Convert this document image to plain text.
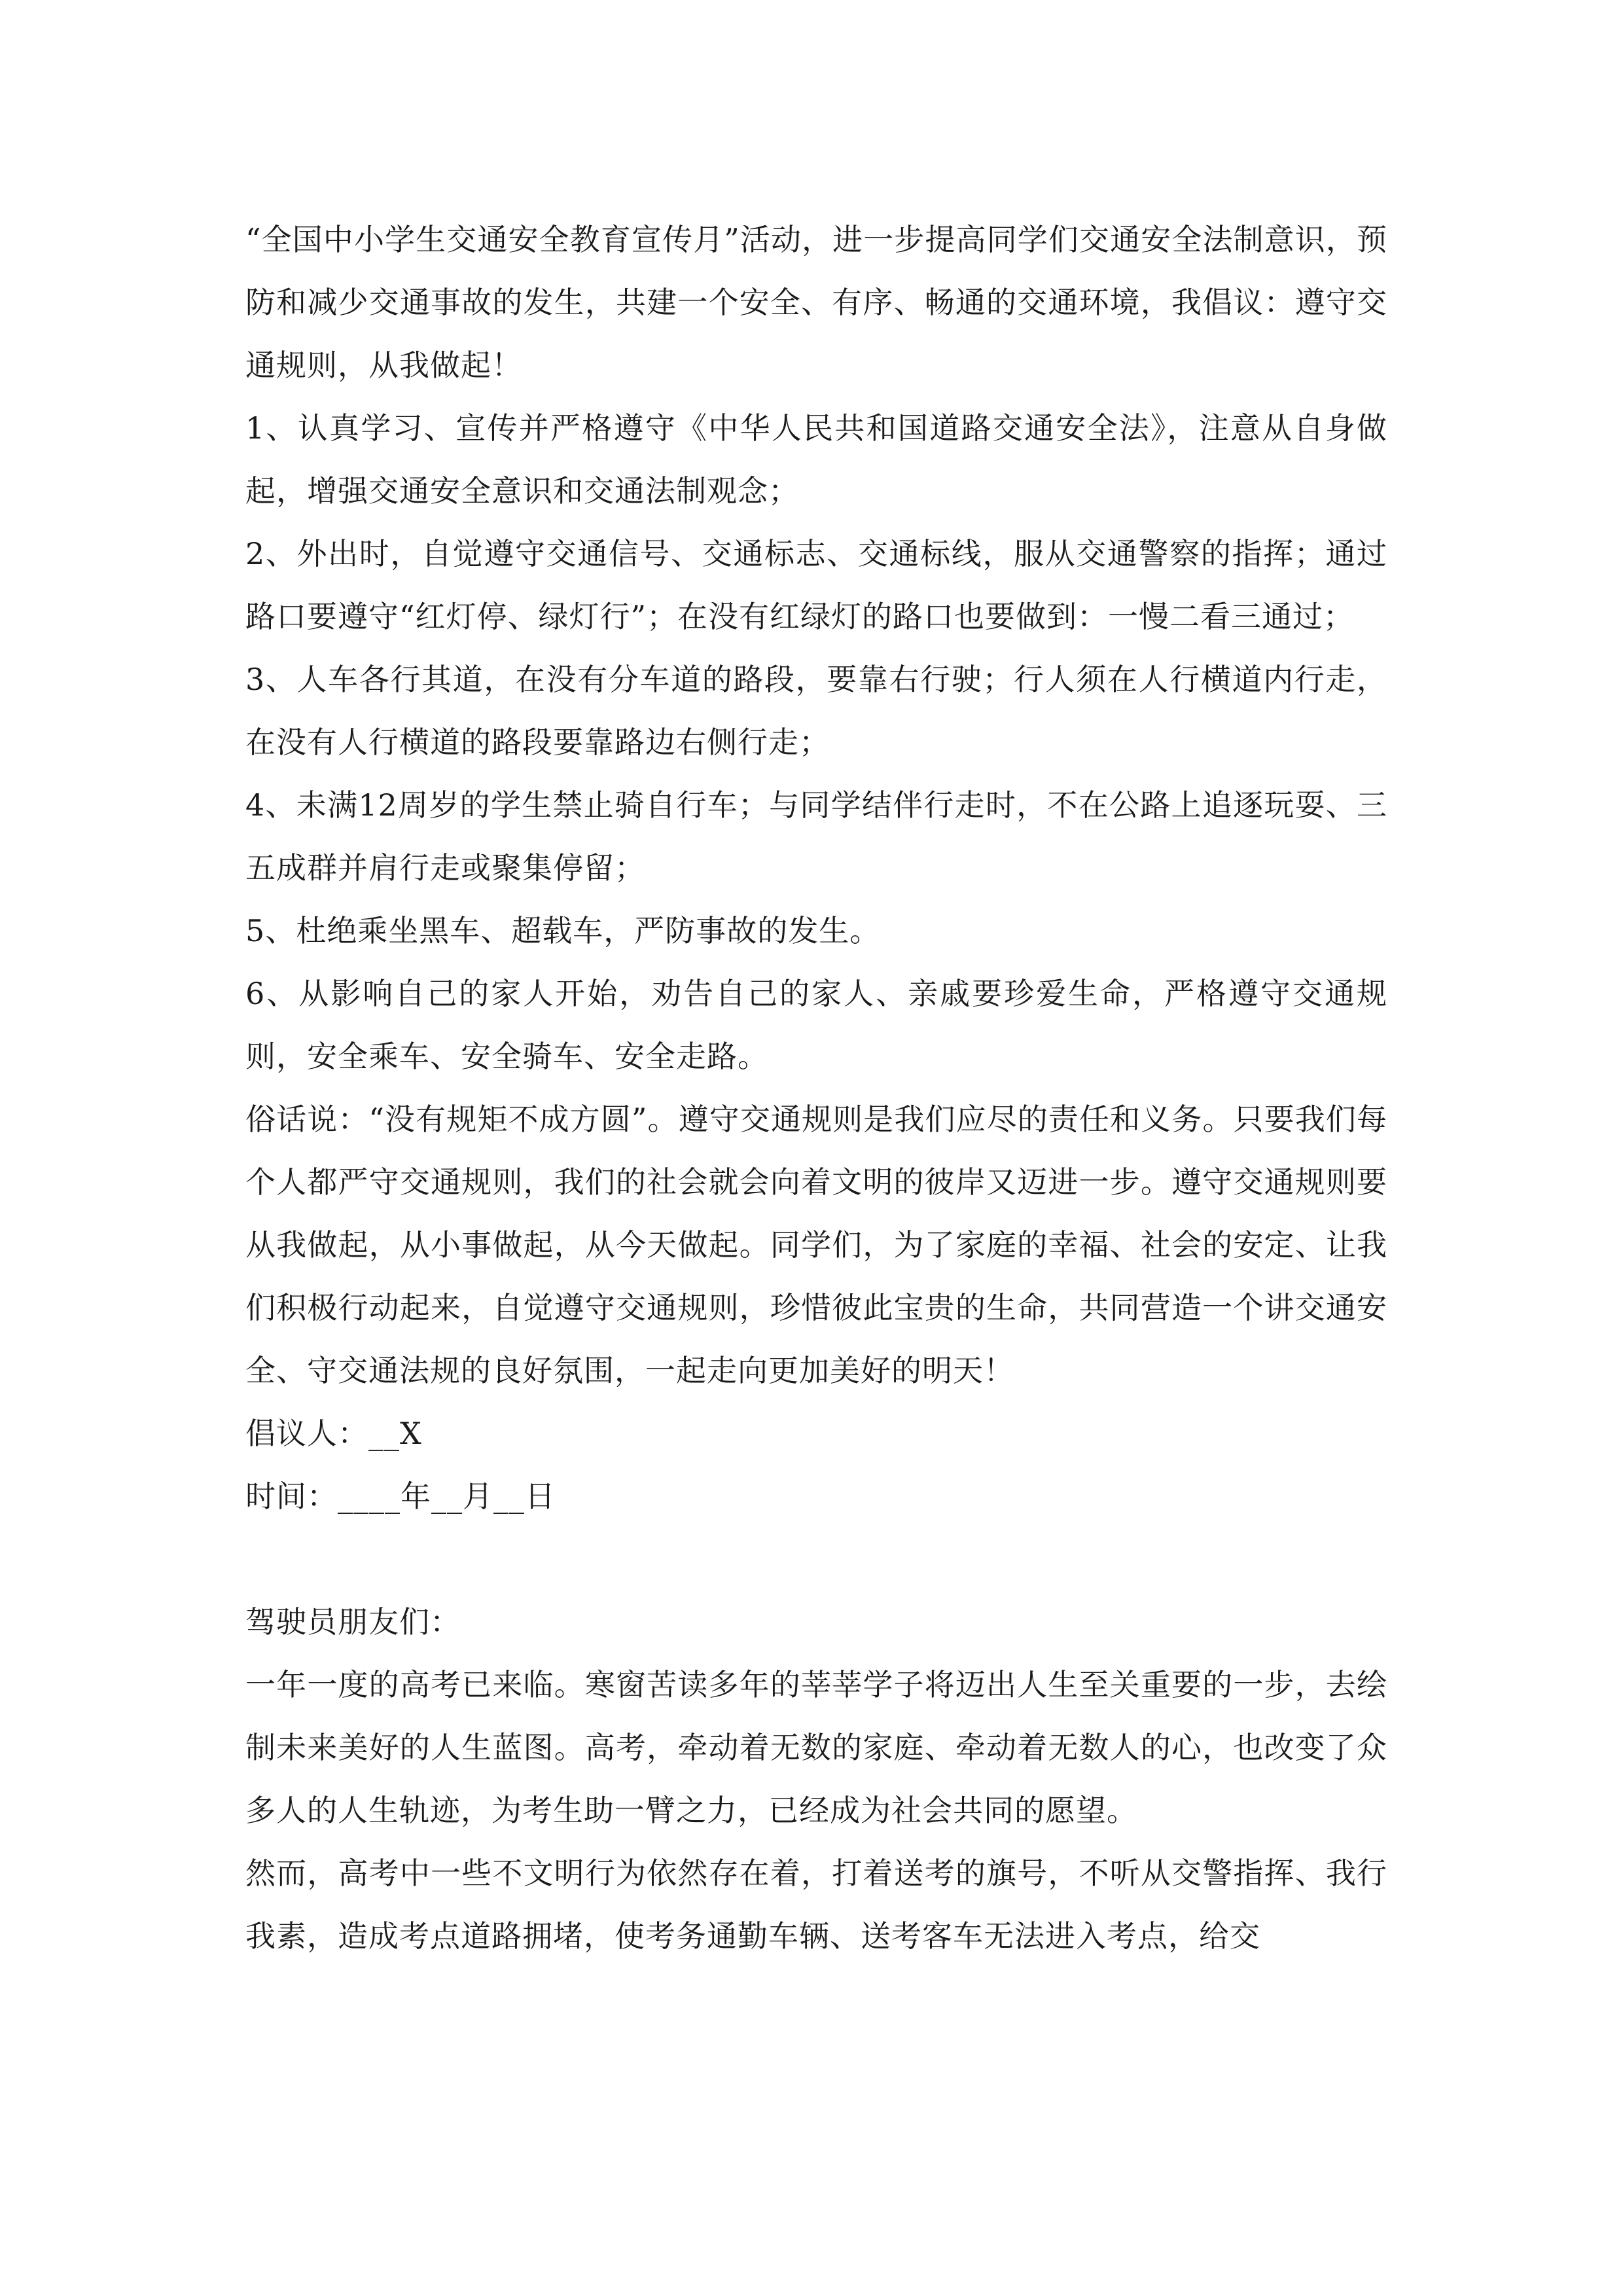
“全国中小学生交通安全教育宣传月”活动，进一步提高同学们交通安全法制意识，预防和减少交通事故的发生，共建一个安全、有序、畅通的交通环境，我倡议：遵守交通规则，从我做起！

1、认真学习、宣传并严格遵守《中华人民共和国道路交通安全法》，注意从自身做起，增强交通安全意识和交通法制观念；

2、外出时，自觉遵守交通信号、交通标志、交通标线，服从交通警察的指挥；通过路口要遵守“红灯停、绿灯行”；在没有红绿灯的路口也要做到：一慢二看三通过；

3、人车各行其道，在没有分车道的路段，要靠右行驶；行人须在人行横道内行走，在没有人行横道的路段要靠路边右侧行走；

4、未满12周岁的学生禁止骑自行车；与同学结伴行走时，不在公路上追逐玩耍、三五成群并肩行走或聚集停留；

5、杜绝乘坐黑车、超载车，严防事故的发生。

6、从影响自己的家人开始，劝告自己的家人、亲戚要珍爱生命，严格遵守交通规则，安全乘车、安全骑车、安全走路。

俗话说：“没有规矩不成方圆”。遵守交通规则是我们应尽的责任和义务。只要我们每个人都严守交通规则，我们的社会就会向着文明的彼岸又迈进一步。遵守交通规则要从我做起，从小事做起，从今天做起。同学们，为了家庭的幸福、社会的安定、让我们积极行动起来，自觉遵守交通规则，珍惜彼此宝贵的生命，共同营造一个讲交通安全、守交通法规的良好氛围，一起走向更加美好的明天！

倡议人：__X

时间：____年__月__日

驾驶员朋友们：

一年一度的高考已来临。寒窗苦读多年的莘莘学子将迈出人生至关重要的一步，去绘制未来美好的人生蓝图。高考，牵动着无数的家庭、牵动着无数人的心，也改变了众多人的人生轨迹，为考生助一臂之力，已经成为社会共同的愿望。

然而，高考中一些不文明行为依然存在着，打着送考的旗号，不听从交警指挥、我行我素，造成考点道路拥堵，使考务通勤车辆、送考客车无法进入考点，给交
